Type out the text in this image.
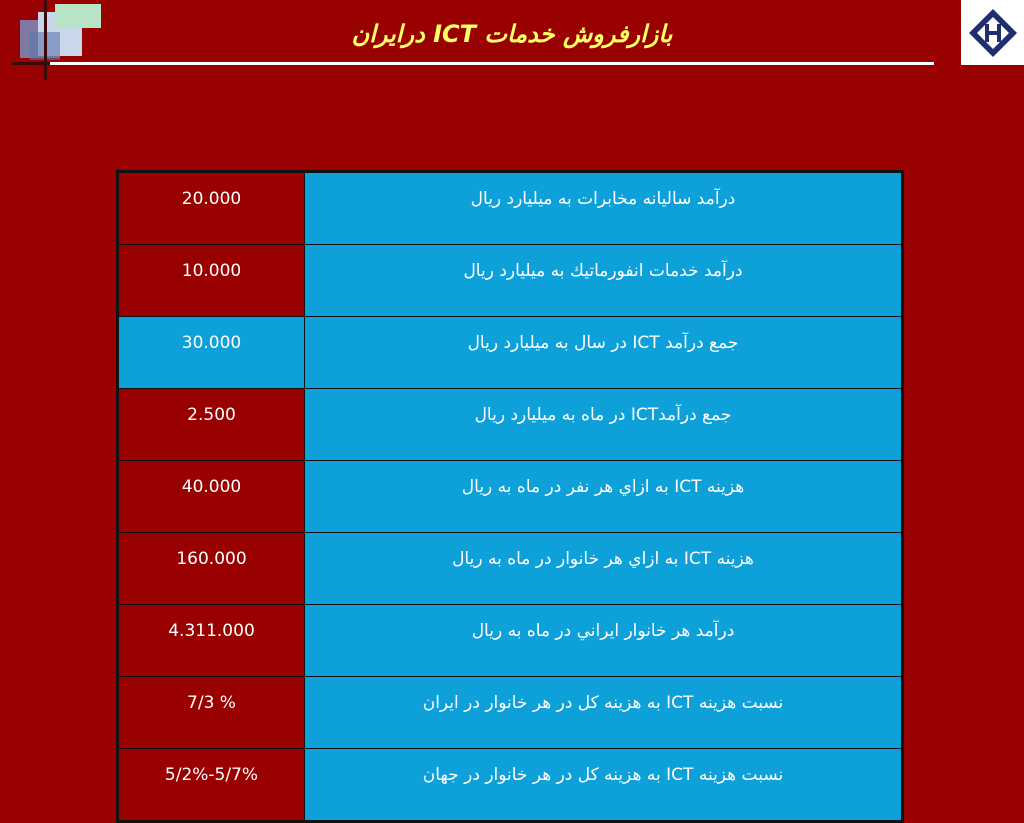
بازارفروش خدمات ICT درایران
20.000	درآمد ساليانه مخابرات به ميليارد ريال
10.000	درآمد خدمات انفورماتيك به ميليارد ريال
30.000	جمع درآمد ICT در سال به ميليارد ريال
2.500	جمع درآمدICT در ماه به ميليارد ريال
40.000	هزينه ICT به ازاي هر نفر در ماه به ريال
160.000	هزينه ICT به ازاي هر خانوار در ماه به ريال
4.311.000	درآمد هر خانوار ايراني در ماه به ريال
7/3 %	نسبت هزينه ICT به هزينه كل در هر خانوار در ايران
5/2%-5/7%	نسبت هزينه ICT به هزينه كل در هر خانوار در جهان
